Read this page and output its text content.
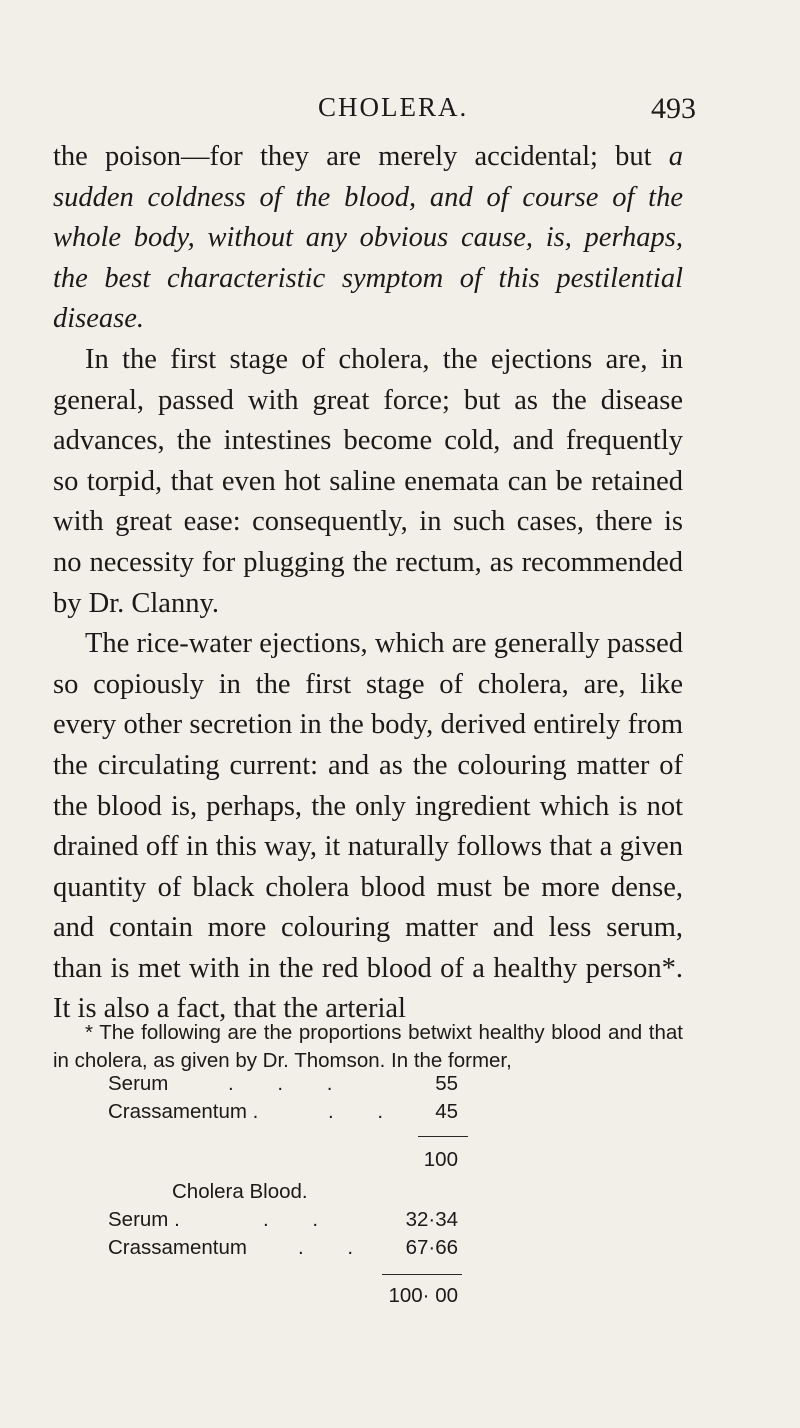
CHOLERA.	493

the poison—for they are merely accidental; but a sudden coldness of the blood, and of course of the whole body, without any obvious cause, is, perhaps, the best characteristic symptom of this pestilential disease.

In the first stage of cholera, the ejections are, in general, passed with great force; but as the disease advances, the intestines become cold, and frequently so torpid, that even hot saline enemata can be retained with great ease: consequently, in such cases, there is no necessity for plugging the rectum, as recommended by Dr. Clanny.

The rice-water ejections, which are generally passed so copiously in the first stage of cholera, are, like every other secretion in the body, derived entirely from the circulating current: and as the colouring matter of the blood is, perhaps, the only ingredient which is not drained off in this way, it naturally follows that a given quantity of black cholera blood must be more dense, and contain more colouring matter and less serum, than is met with in the red blood of a healthy person*. It is also a fact, that the arterial

* The following are the proportions betwixt healthy blood and that in cholera, as given by Dr. Thomson. In the former,

Serum	. . .	55
Crassamentum .	. . 45
100
Cholera Blood.
Serum .	. .	32·34
Crassamentum . . 67·66
100· 00
